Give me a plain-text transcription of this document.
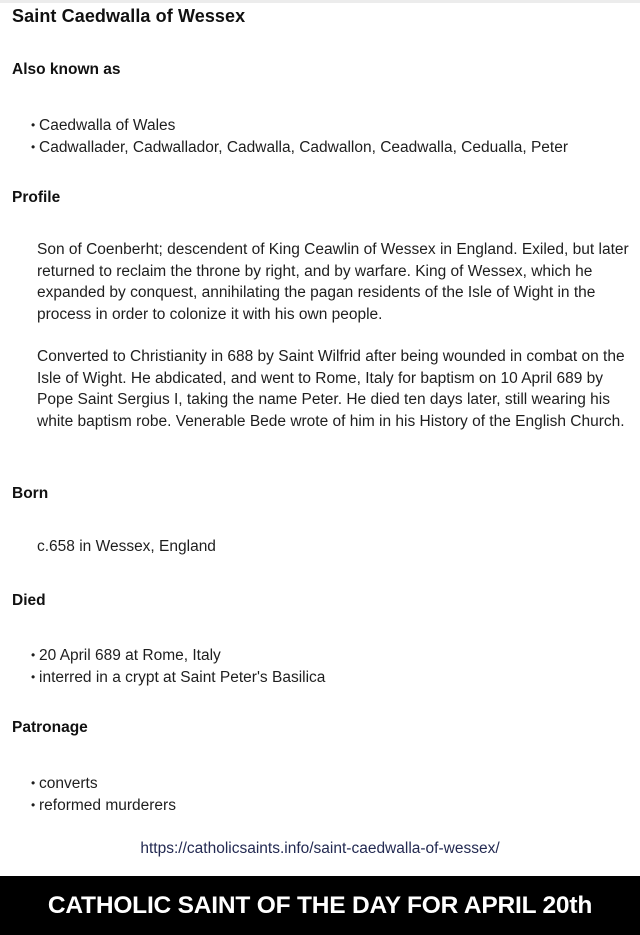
Saint Caedwalla of Wessex
Also known as
• Caedwalla of Wales
• Cadwallader, Cadwallador, Cadwalla, Cadwallon, Ceadwalla, Cedualla, Peter
Profile

Son of Coenberht; descendent of King Ceawlin of Wessex in England. Exiled, but later returned to reclaim the throne by right, and by warfare. King of Wessex, which he expanded by conquest, annihilating the pagan residents of the Isle of Wight in the process in order to colonize it with his own people.

Converted to Christianity in 688 by Saint Wilfrid after being wounded in combat on the Isle of Wight. He abdicated, and went to Rome, Italy for baptism on 10 April 689 by Pope Saint Sergius I, taking the name Peter. He died ten days later, still wearing his white baptism robe. Venerable Bede wrote of him in his History of the English Church.

Born
c.658 in Wessex, England
Died
• 20 April 689 at Rome, Italy
• interred in a crypt at Saint Peter's Basilica
Patronage
• converts
• reformed murderers
https://catholicsaints.info/saint-caedwalla-of-wessex/
CATHOLIC SAINT OF THE DAY FOR APRIL 20th
